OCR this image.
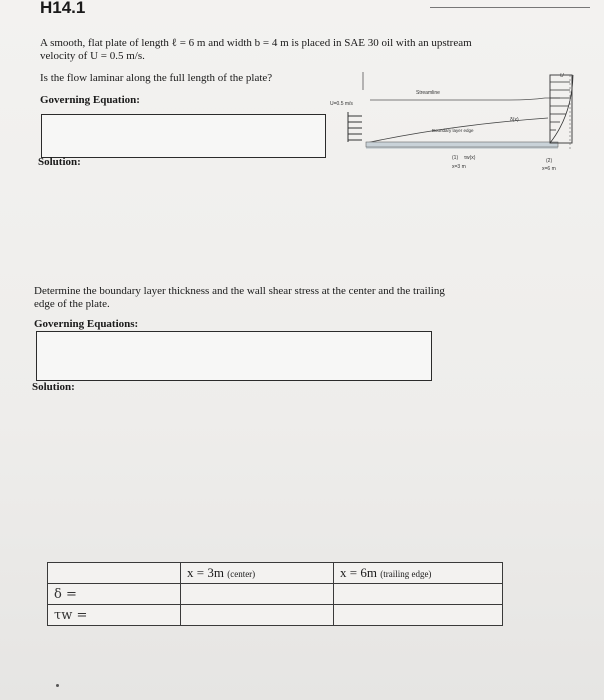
H14.1
A smooth, flat plate of length ℓ = 6 m and width b = 4 m is placed in SAE 30 oil with an upstream
velocity of U = 0.5 m/s.
Is the flow laminar along the full length of the plate?
Governing Equation:
Solution:
U=0.5 m/s
Streamline
U
Boundary layer edge
δ(x)
(1) τw(x)
x=3 m
(2)
x=6 m
Determine the boundary layer thickness and the wall shear stress at the center and the trailing
edge of the plate.
Governing Equations:
Solution:
	x = 3m (center)	x = 6m (trailing edge)
δ =		
τw =		
